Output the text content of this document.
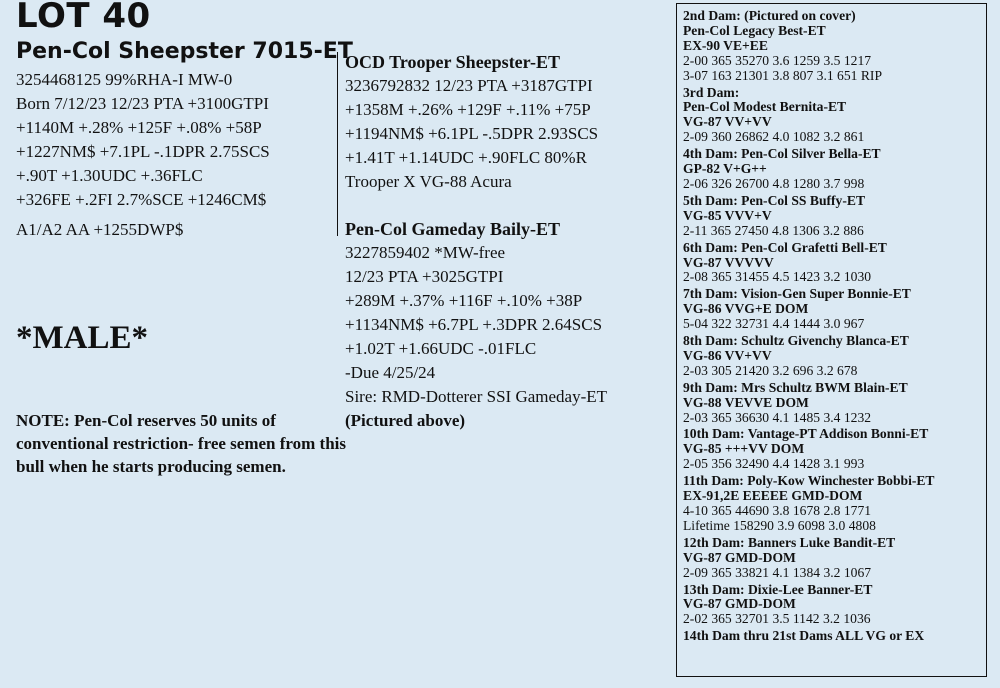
LOT 40
Pen-Col Sheepster 7015-ET
3254468125 99%RHA-I MW-0
Born 7/12/23 12/23 PTA +3100GTPI
+1140M +.28% +125F +.08% +58P
+1227NM$ +7.1PL -.1DPR 2.75SCS
+.90T +1.30UDC +.36FLC
+326FE +.2FI 2.7%SCE +1246CM$
A1/A2 AA +1255DWP$

*MALE*

NOTE: Pen-Col reserves 50 units of conventional restriction- free semen from this bull when he starts producing semen.

OCD Trooper Sheepster-ET

3236792832 12/23 PTA +3187GTPI
+1358M +.26% +129F +.11% +75P
+1194NM$ +6.1PL -.5DPR 2.93SCS
+1.41T +1.14UDC +.90FLC 80%R
Trooper X VG-88 Acura

Pen-Col Gameday Baily-ET

3227859402 *MW-free
12/23 PTA +3025GTPI
+289M +.37% +116F +.10% +38P
+1134NM$ +6.7PL +.3DPR 2.64SCS
+1.02T +1.66UDC -.01FLC
-Due 4/25/24
Sire: RMD-Dotterer SSI Gameday-ET
(Pictured above)

2nd Dam: (Pictured on cover)

Pen-Col Legacy Best-ET

EX-90 VE+EE

2-00 365 35270 3.6 1259 3.5 1217

3-07 163 21301 3.8 807 3.1 651 RIP

3rd Dam:

Pen-Col Modest Bernita-ET

VG-87 VV+VV

2-09 360 26862 4.0 1082 3.2 861

4th Dam: Pen-Col Silver Bella-ET

GP-82 V+G++

2-06 326 26700 4.8 1280 3.7 998

5th Dam: Pen-Col SS Buffy-ET

VG-85 VVV+V

2-11 365 27450 4.8 1306 3.2 886

6th Dam: Pen-Col Grafetti Bell-ET

VG-87 VVVVV

2-08 365 31455 4.5 1423 3.2 1030

7th Dam: Vision-Gen Super Bonnie-ET

VG-86 VVG+E DOM

5-04 322 32731 4.4 1444 3.0 967

8th Dam: Schultz Givenchy Blanca-ET

VG-86 VV+VV

2-03 305 21420 3.2 696 3.2 678

9th Dam: Mrs Schultz BWM Blain-ET

VG-88 VEVVE DOM

2-03 365 36630 4.1 1485 3.4 1232

10th Dam: Vantage-PT Addison Bonni-ET

VG-85 +++VV DOM

2-05 356 32490 4.4 1428 3.1 993

11th Dam: Poly-Kow Winchester Bobbi-ET

EX-91,2E EEEEE GMD-DOM

4-10 365 44690 3.8 1678 2.8 1771

Lifetime 158290 3.9 6098 3.0 4808

12th Dam: Banners Luke Bandit-ET

VG-87 GMD-DOM

2-09 365 33821 4.1 1384 3.2 1067

13th Dam: Dixie-Lee Banner-ET

VG-87 GMD-DOM

2-02 365 32701 3.5 1142 3.2 1036

14th Dam thru 21st Dams ALL VG or EX
